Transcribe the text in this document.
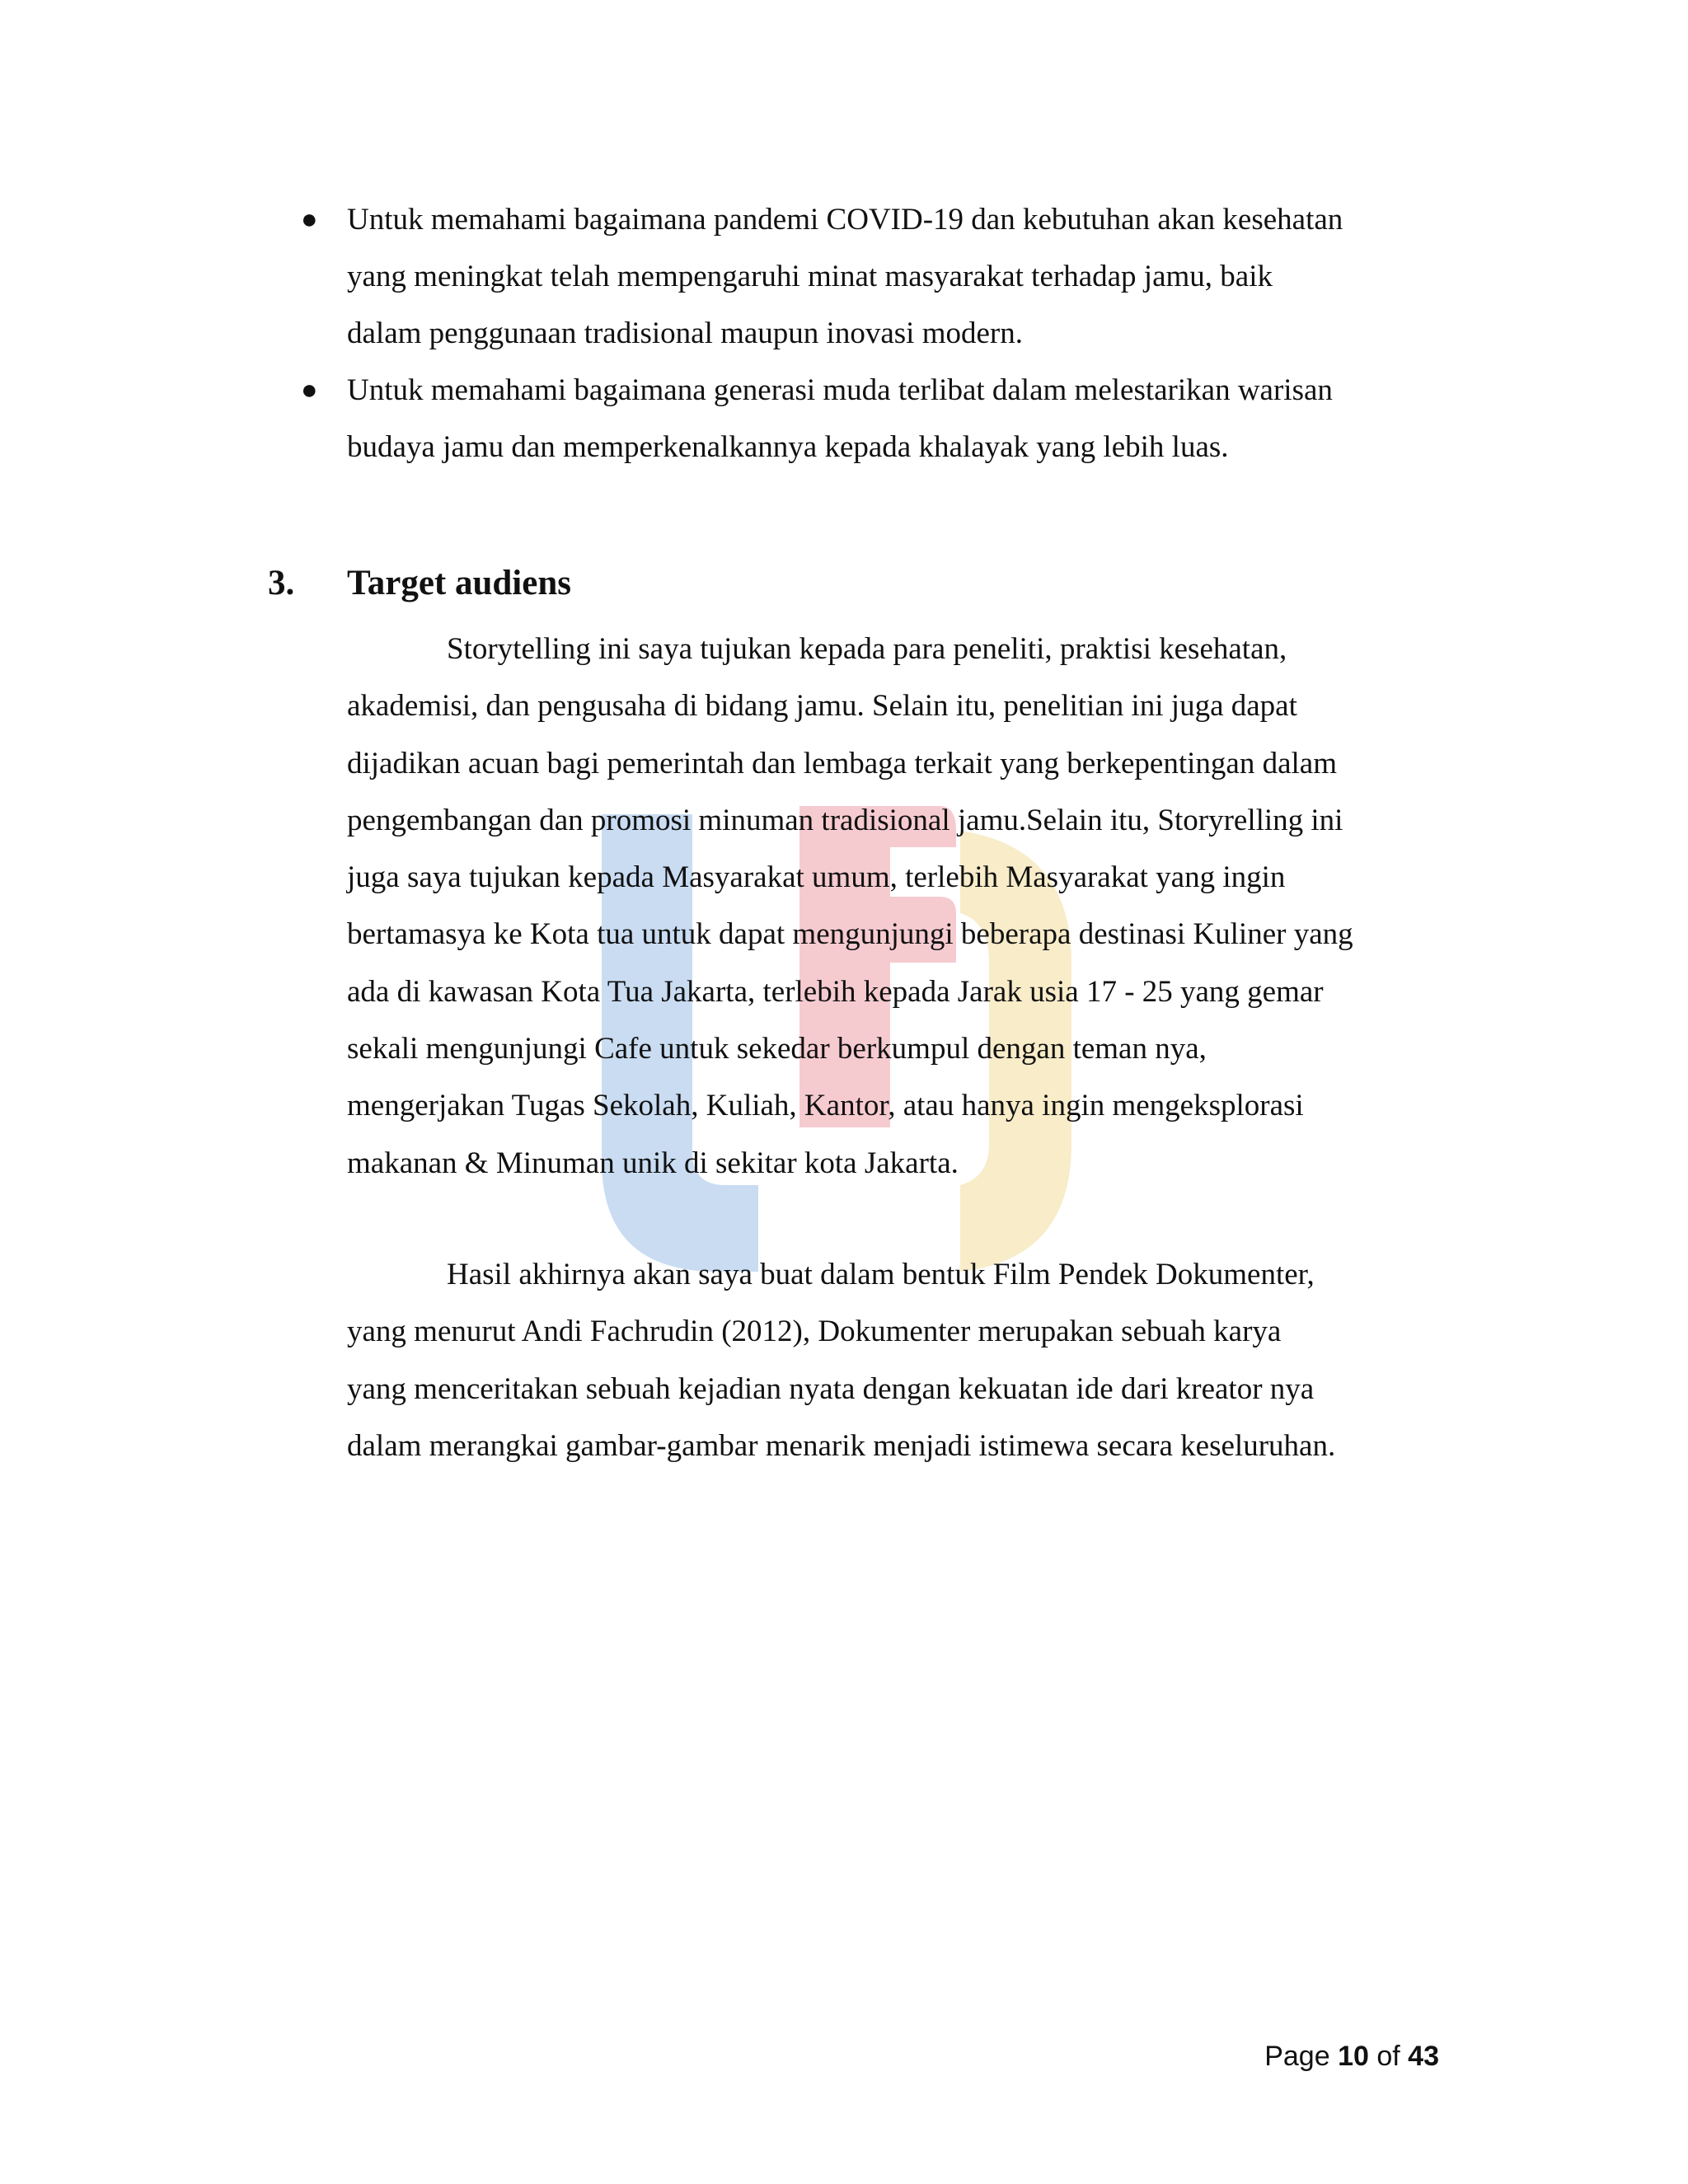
● Untuk memahami bagaimana pandemi COVID-19 dan kebutuhan akan kesehatan
yang meningkat telah mempengaruhi minat masyarakat terhadap jamu, baik
dalam penggunaan tradisional maupun inovasi modern.
● Untuk memahami bagaimana generasi muda terlibat dalam melestarikan warisan
budaya jamu dan memperkenalkannya kepada khalayak yang lebih luas.
3. Target audiens
Storytelling ini saya tujukan kepada para peneliti, praktisi kesehatan,
akademisi, dan pengusaha di bidang jamu. Selain itu, penelitian ini juga dapat
dijadikan acuan bagi pemerintah dan lembaga terkait yang berkepentingan dalam
pengembangan dan promosi minuman tradisional jamu.Selain itu, Storyrelling ini
juga saya tujukan kepada Masyarakat umum, terlebih Masyarakat yang ingin
bertamasya ke Kota tua untuk dapat mengunjungi beberapa destinasi Kuliner yang
ada di kawasan Kota Tua Jakarta, terlebih kepada Jarak usia 17 - 25 yang gemar
sekali mengunjungi Cafe untuk sekedar berkumpul dengan teman nya,
mengerjakan Tugas Sekolah, Kuliah, Kantor, atau hanya ingin mengeksplorasi
makanan & Minuman unik di sekitar kota Jakarta.
Hasil akhirnya akan saya buat dalam bentuk Film Pendek Dokumenter,
yang menurut Andi Fachrudin (2012), Dokumenter merupakan sebuah karya
yang menceritakan sebuah kejadian nyata dengan kekuatan ide dari kreator nya
dalam merangkai gambar-gambar menarik menjadi istimewa secara keseluruhan.
Page 10 of 43
